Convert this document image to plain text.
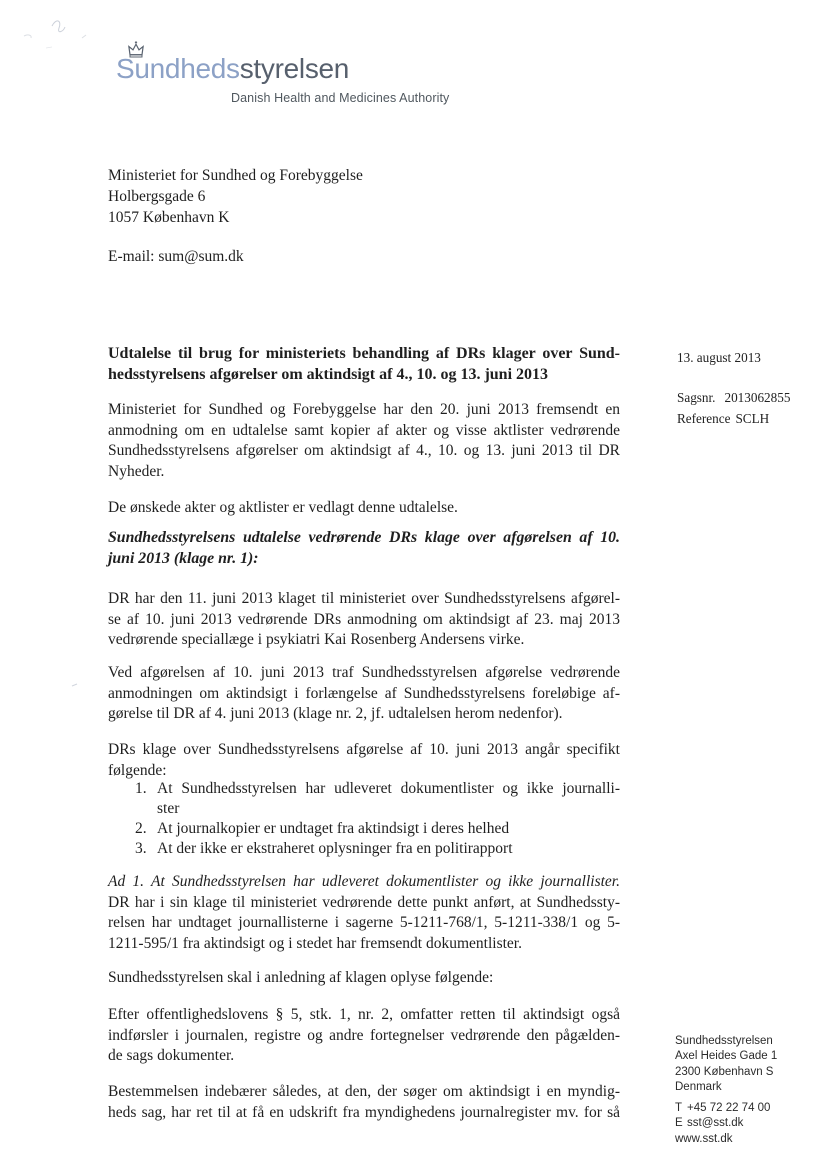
Sundhedsstyrelsen
Danish Health and Medicines Authority
Ministeriet for Sundhed og Forebyggelse
Holbergsgade 6
1057 København K
E-mail: sum@sum.dk
13. august 2013
Sagsnr. 2013062855
Reference SCLH
Udtalelse til brug for ministeriets behandling af DRs klager over Sund-
hedsstyrelsens afgørelser om aktindsigt af 4., 10. og 13. juni 2013
Ministeriet for Sundhed og Forebyggelse har den 20. juni 2013 fremsendt en
anmodning om en udtalelse samt kopier af akter og visse aktlister vedrørende
Sundhedsstyrelsens afgørelser om aktindsigt af 4., 10. og 13. juni 2013 til DR
Nyheder.
De ønskede akter og aktlister er vedlagt denne udtalelse.
Sundhedsstyrelsens udtalelse vedrørende DRs klage over afgørelsen af 10.
juni 2013 (klage nr. 1):
DR har den 11. juni 2013 klaget til ministeriet over Sundhedsstyrelsens afgørel-
se af 10. juni 2013 vedrørende DRs anmodning om aktindsigt af 23. maj 2013
vedrørende speciallæge i psykiatri Kai Rosenberg Andersens virke.
Ved afgørelsen af 10. juni 2013 traf Sundhedsstyrelsen afgørelse vedrørende
anmodningen om aktindsigt i forlængelse af Sundhedsstyrelsens foreløbige af-
gørelse til DR af 4. juni 2013 (klage nr. 2, jf. udtalelsen herom nedenfor).
DRs klage over Sundhedsstyrelsens afgørelse af 10. juni 2013 angår specifikt
følgende:
1. At Sundhedsstyrelsen har udleveret dokumentlister og ikke journalli-
ster
2. At journalkopier er undtaget fra aktindsigt i deres helhed
3. At der ikke er ekstraheret oplysninger fra en politirapport
Ad 1. At Sundhedsstyrelsen har udleveret dokumentlister og ikke journallister.
DR har i sin klage til ministeriet vedrørende dette punkt anført, at Sundhedssty-
relsen har undtaget journallisterne i sagerne 5-1211-768/1, 5-1211-338/1 og 5-
1211-595/1 fra aktindsigt og i stedet har fremsendt dokumentlister.
Sundhedsstyrelsen skal i anledning af klagen oplyse følgende:
Efter offentlighedslovens § 5, stk. 1, nr. 2, omfatter retten til aktindsigt også
indførsler i journalen, registre og andre fortegnelser vedrørende den pågælden-
de sags dokumenter.
Bestemmelsen indebærer således, at den, der søger om aktindsigt i en myndig-
heds sag, har ret til at få en udskrift fra myndighedens journalregister mv. for så
Sundhedsstyrelsen
Axel Heides Gade 1
2300 København S
Denmark
T +45 72 22 74 00
E sst@sst.dk
www.sst.dk
